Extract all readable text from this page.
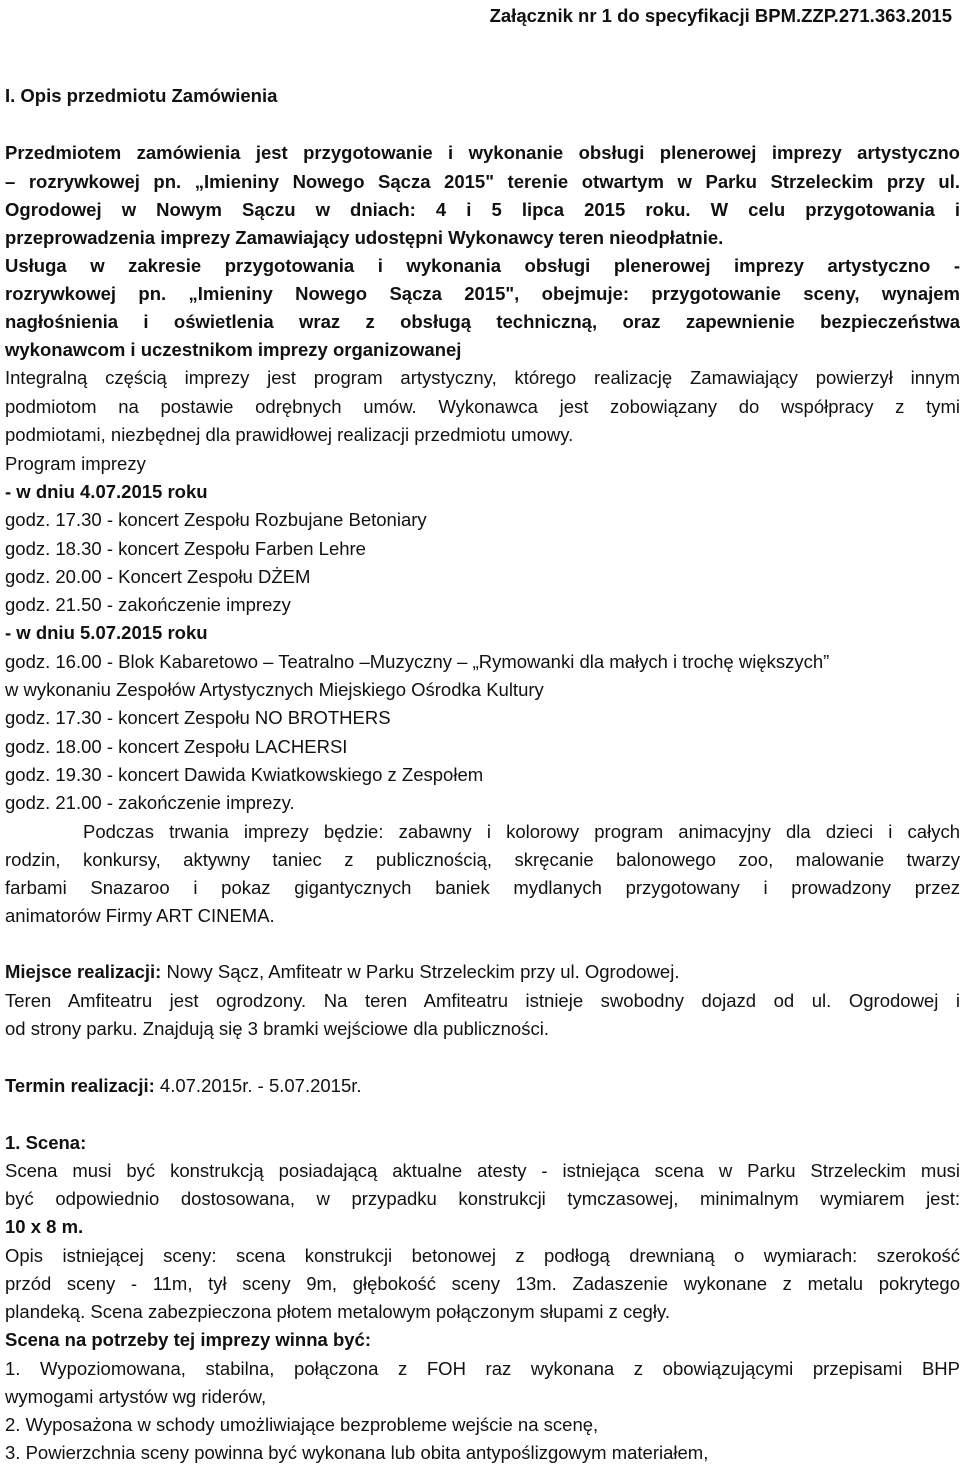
Załącznik nr 1 do specyfikacji BPM.ZZP.271.363.2015
I. Opis przedmiotu Zamówienia
Przedmiotem zamówienia jest przygotowanie i wykonanie obsługi plenerowej imprezy artystyczno
– rozrywkowej pn. „Imieniny Nowego Sącza 2015" terenie otwartym w Parku Strzeleckim przy ul.
Ogrodowej w Nowym Sączu w dniach: 4 i 5 lipca 2015 roku. W celu przygotowania i
przeprowadzenia imprezy Zamawiający udostępni Wykonawcy teren nieodpłatnie.
Usługa w zakresie przygotowania i wykonania obsługi plenerowej imprezy artystyczno -
rozrywkowej pn. „Imieniny Nowego Sącza 2015", obejmuje: przygotowanie sceny, wynajem
nagłośnienia i oświetlenia wraz z obsługą techniczną, oraz zapewnienie bezpieczeństwa
wykonawcom i uczestnikom imprezy organizowanej
Integralną częścią imprezy jest program artystyczny, którego realizację Zamawiający powierzył innym
podmiotom na postawie odrębnych umów. Wykonawca jest zobowiązany do współpracy z tymi
podmiotami, niezbędnej dla prawidłowej realizacji przedmiotu umowy.
Program imprezy
- w dniu 4.07.2015 roku
godz. 17.30 - koncert Zespołu Rozbujane Betoniary
godz. 18.30 - koncert Zespołu Farben Lehre
godz. 20.00 - Koncert Zespołu DŻEM
godz. 21.50 - zakończenie imprezy
- w dniu 5.07.2015 roku
godz. 16.00 - Blok Kabaretowo – Teatralno –Muzyczny – „Rymowanki dla małych i trochę większych”
w wykonaniu Zespołów Artystycznych Miejskiego Ośrodka Kultury
godz. 17.30 - koncert Zespołu NO BROTHERS
godz. 18.00 - koncert Zespołu LACHERSI
godz. 19.30 - koncert Dawida Kwiatkowskiego z Zespołem
godz. 21.00 - zakończenie imprezy.
Podczas trwania imprezy będzie: zabawny i kolorowy program animacyjny dla dzieci i całych
rodzin, konkursy, aktywny taniec z publicznością, skręcanie balonowego zoo, malowanie twarzy
farbami Snazaroo i pokaz gigantycznych baniek mydlanych przygotowany i prowadzony przez
animatorów Firmy ART CINEMA.
Miejsce realizacji: Nowy Sącz, Amfiteatr w Parku Strzeleckim przy ul. Ogrodowej.
Teren Amfiteatru jest ogrodzony. Na teren Amfiteatru istnieje swobodny dojazd od ul. Ogrodowej i
od strony parku. Znajdują się 3 bramki wejściowe dla publiczności.
Termin realizacji: 4.07.2015r. - 5.07.2015r.
1. Scena:
Scena musi być konstrukcją posiadającą aktualne atesty - istniejąca scena w Parku Strzeleckim musi
być odpowiednio dostosowana, w przypadku konstrukcji tymczasowej, minimalnym wymiarem jest:
10 x 8 m.
Opis istniejącej sceny: scena konstrukcji betonowej z podłogą drewnianą o wymiarach: szerokość
przód sceny - 11m, tył sceny 9m, głębokość sceny 13m. Zadaszenie wykonane z metalu pokrytego
plandeką. Scena zabezpieczona płotem metalowym połączonym słupami z cegły.
Scena na potrzeby tej imprezy winna być:
1. Wypoziomowana, stabilna, połączona z FOH raz wykonana z obowiązującymi przepisami BHP
wymogami artystów wg riderów,
2. Wyposażona w schody umożliwiające bezprobleme wejście na scenę,
3. Powierzchnia sceny powinna być wykonana lub obita antypoślizgowym materiałem,
